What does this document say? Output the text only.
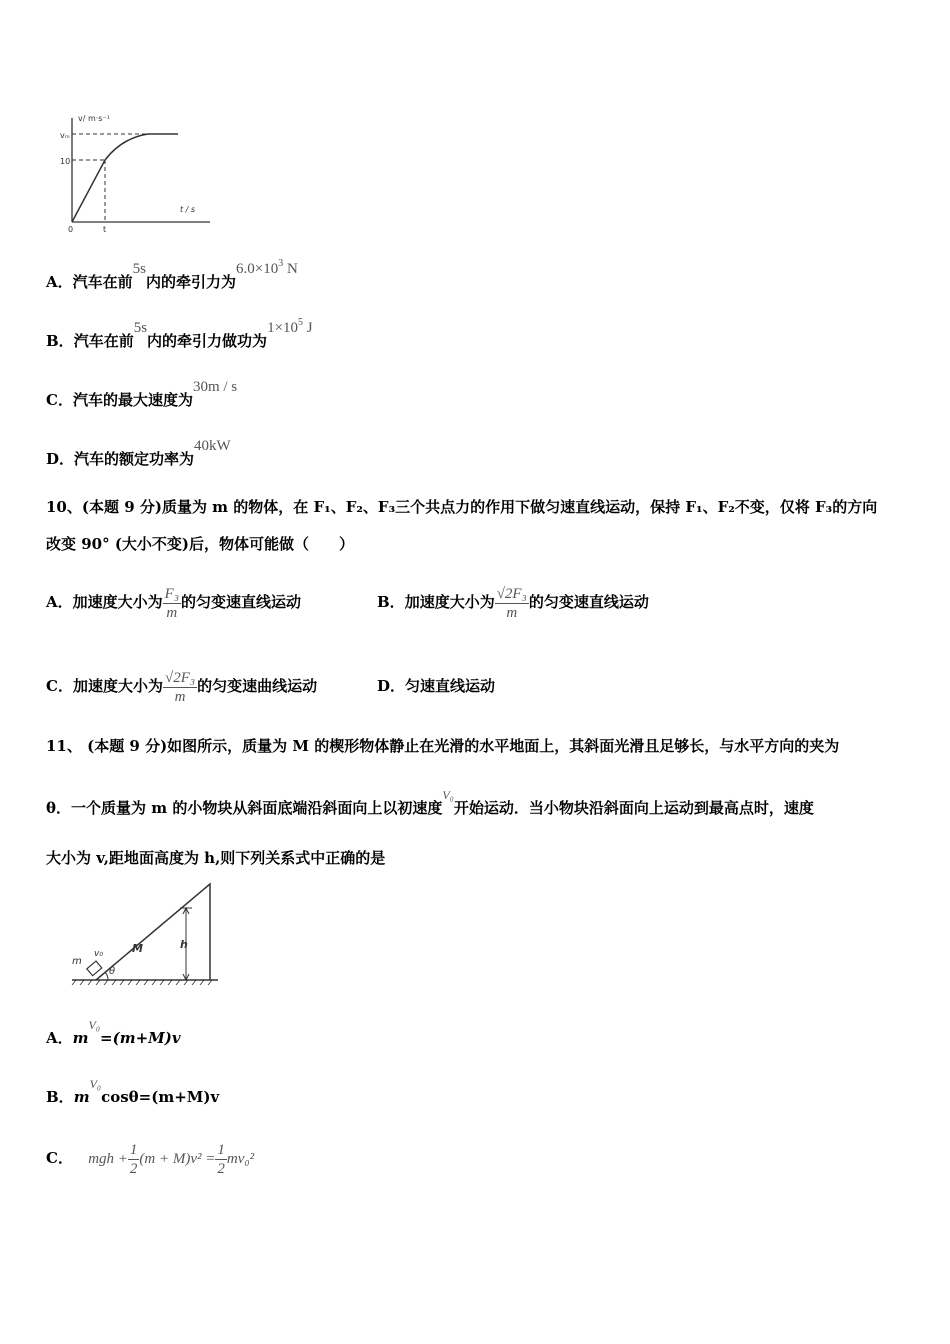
v/ m·s⁻¹
vₘ
10
0	t
t / s
A．汽车在前5s内的牵引力为$6.0\times 10^3$ N
B．汽车在前5s内的牵引力做功为$1\times 10^5$ J
C．汽车的最大速度为30m / s
D．汽车的额定功率为40kW
10、(本题 9 分)质量为 m 的物体，在 F₁、F₂、F₃三个共点力的作用下做匀速直线运动，保持 F₁、F₂不变，仅将 F₃的方向
改变 90° (大小不变)后，物体可能做（　　）
A．加速度大小为 $\frac{\text{F₃}}{m}$ 的匀变速直线运动	B．加速度大小为 $\frac{\text{√2F₃}}{m}$ 的匀变速直线运动
C．加速度大小为 $\frac{\text{√2F₃}}{m}$ 的匀变速曲线运动	D．匀速直线运动
11、 (本题 9 分)如图所示，质量为 M 的楔形物体静止在光滑的水平地面上，其斜面光滑且足够长，与水平方向的夹为
θ．一个质量为 m 的小物块从斜面底端沿斜面向上以初速度$^{V_0}$开始运动．当小物块沿斜面向上运动到最高点时，速度
大小为 v,距地面高度为 h,则下列关系式中正确的是
m
v₀	M	h
θ
A．$m^{V_0}=(m+M)v$
B．$m^{V_0}\cos\theta=(m+M)v$
C． mgh + $\frac{1}{2} (m + M)v^2 = \frac{1}{2} mv_0^2$
